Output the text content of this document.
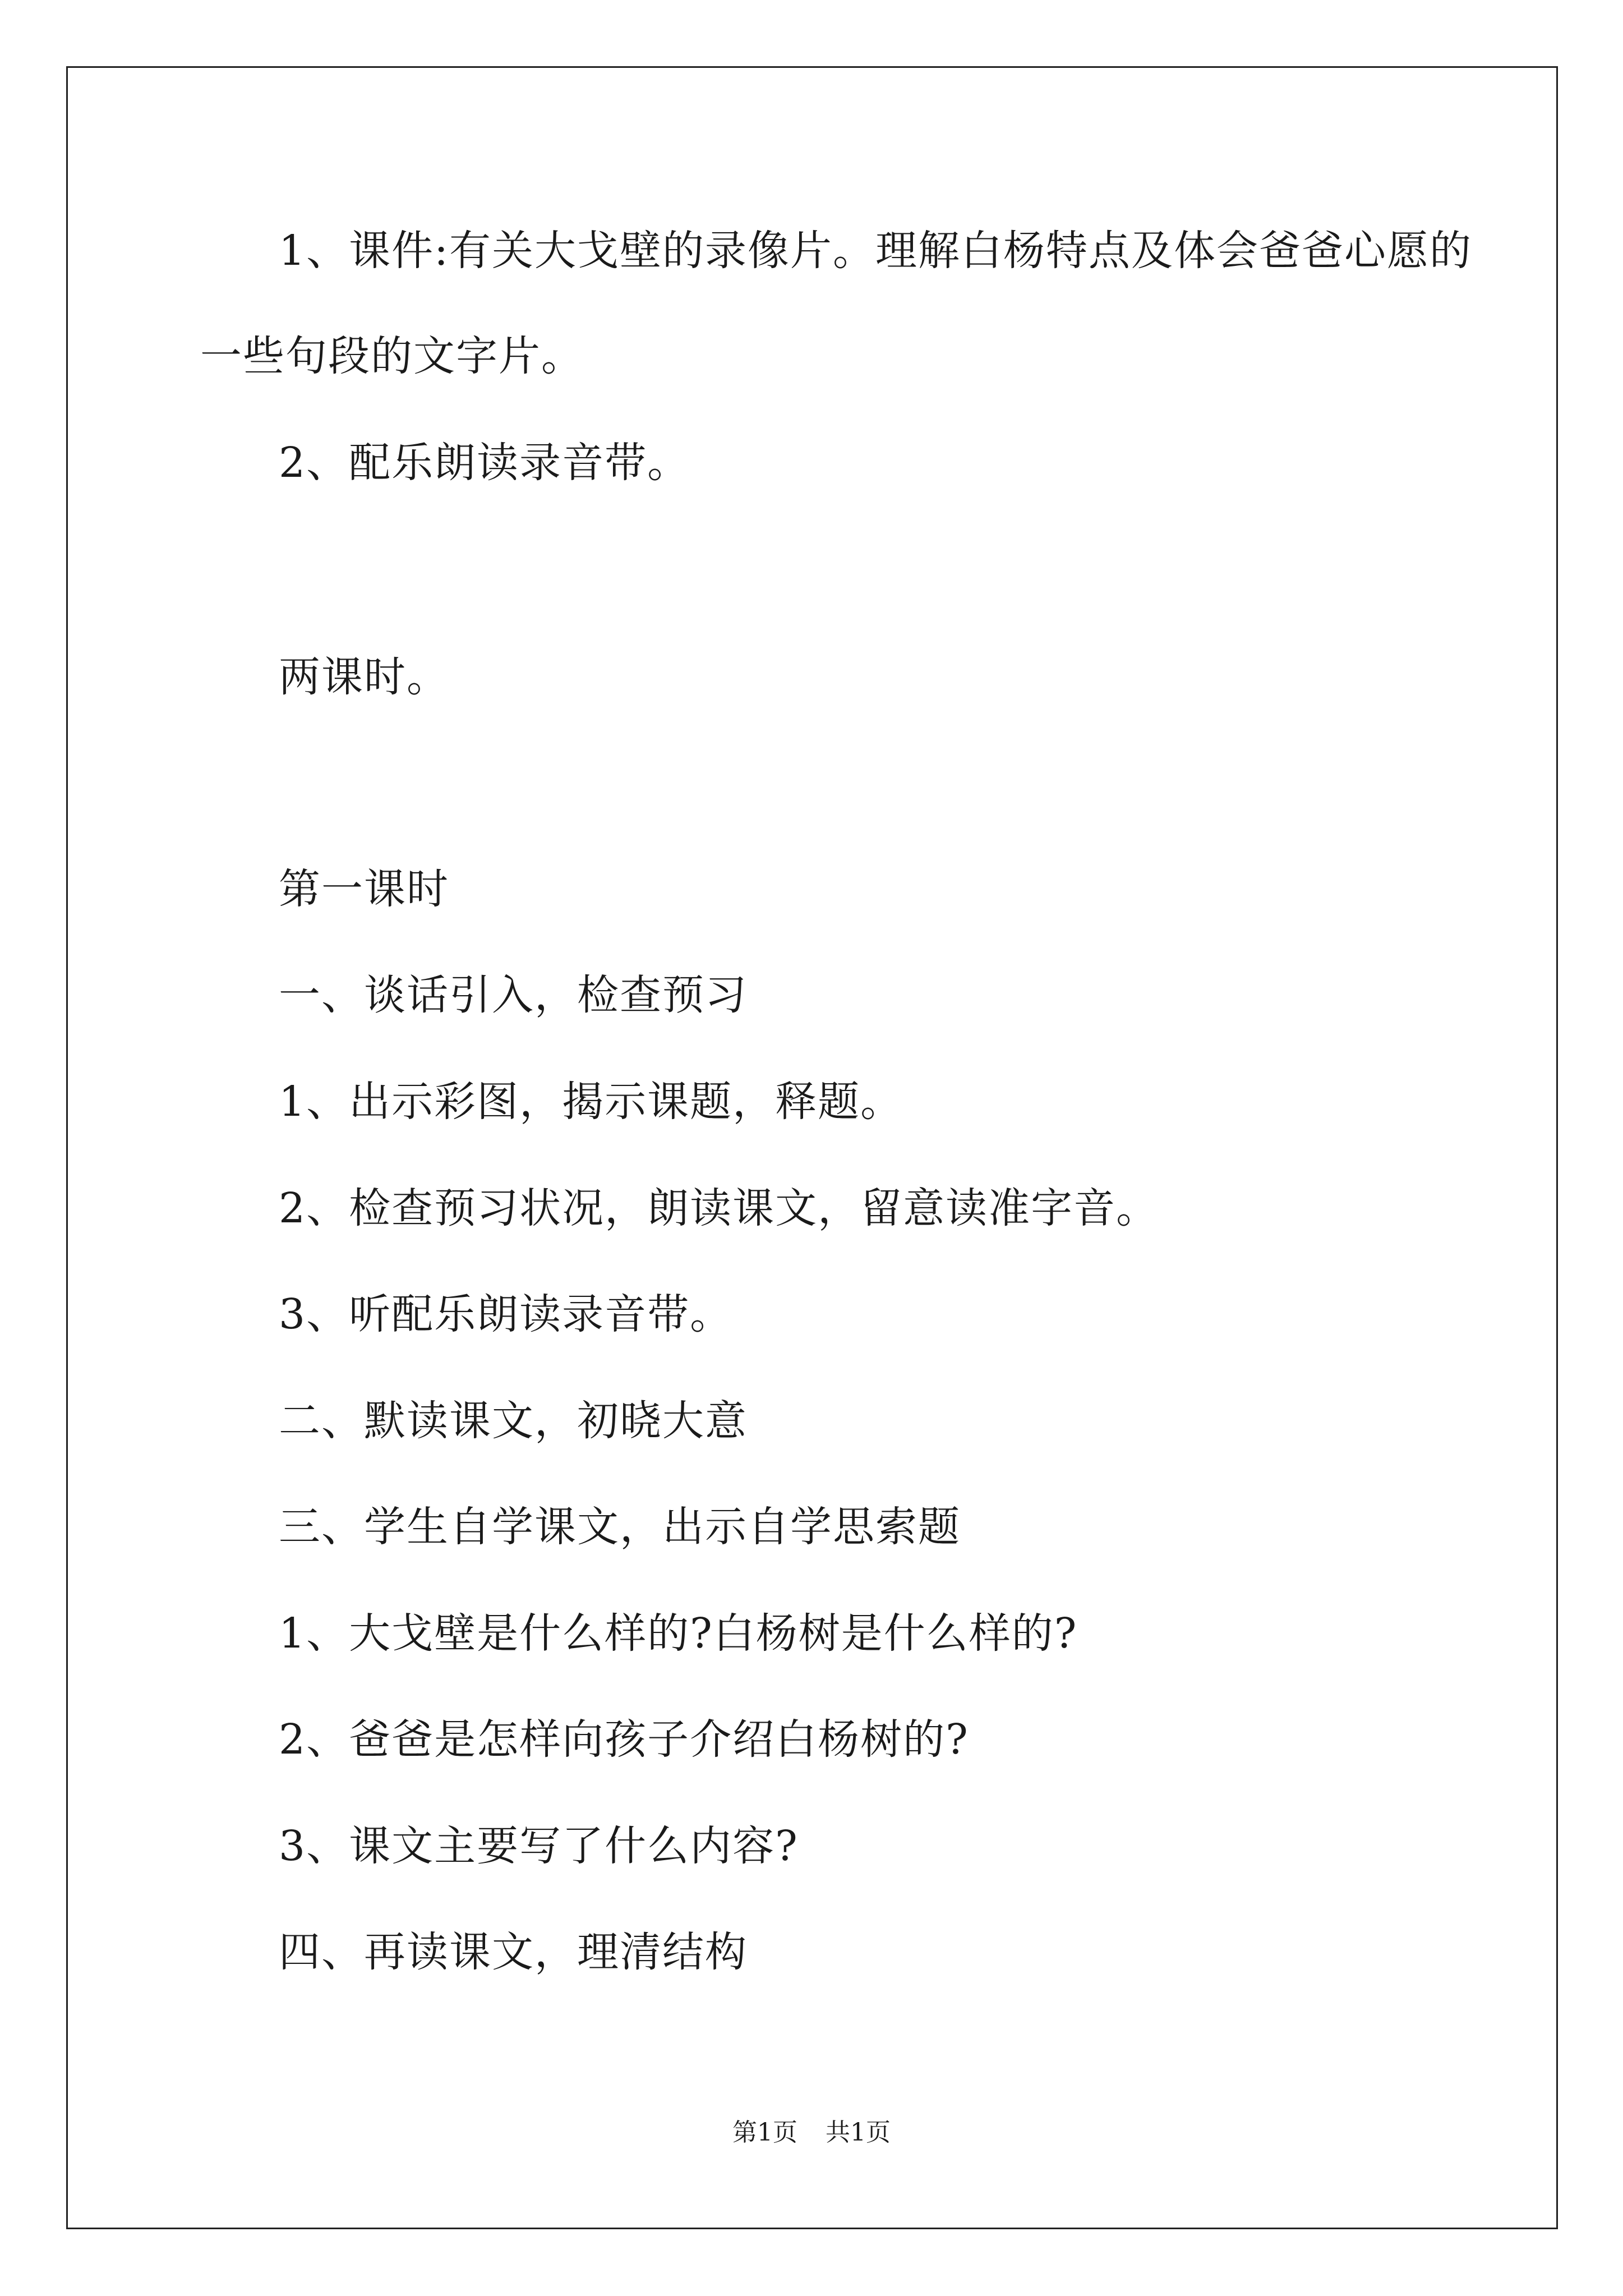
1、课件:有关大戈壁的录像片。理解白杨特点及体会爸爸心愿的

一些句段的文字片。

2、配乐朗读录音带。

两课时。

第一课时

一、谈话引入，检查预习

1、出示彩图，揭示课题，释题。

2、检查预习状况，朗读课文，留意读准字音。

3、听配乐朗读录音带。

二、默读课文，初晓大意

三、学生自学课文，出示自学思索题

1、大戈壁是什么样的?白杨树是什么样的?

2、爸爸是怎样向孩子介绍白杨树的?

3、课文主要写了什么内容?

四、再读课文，理清结构

第1页 共1页
